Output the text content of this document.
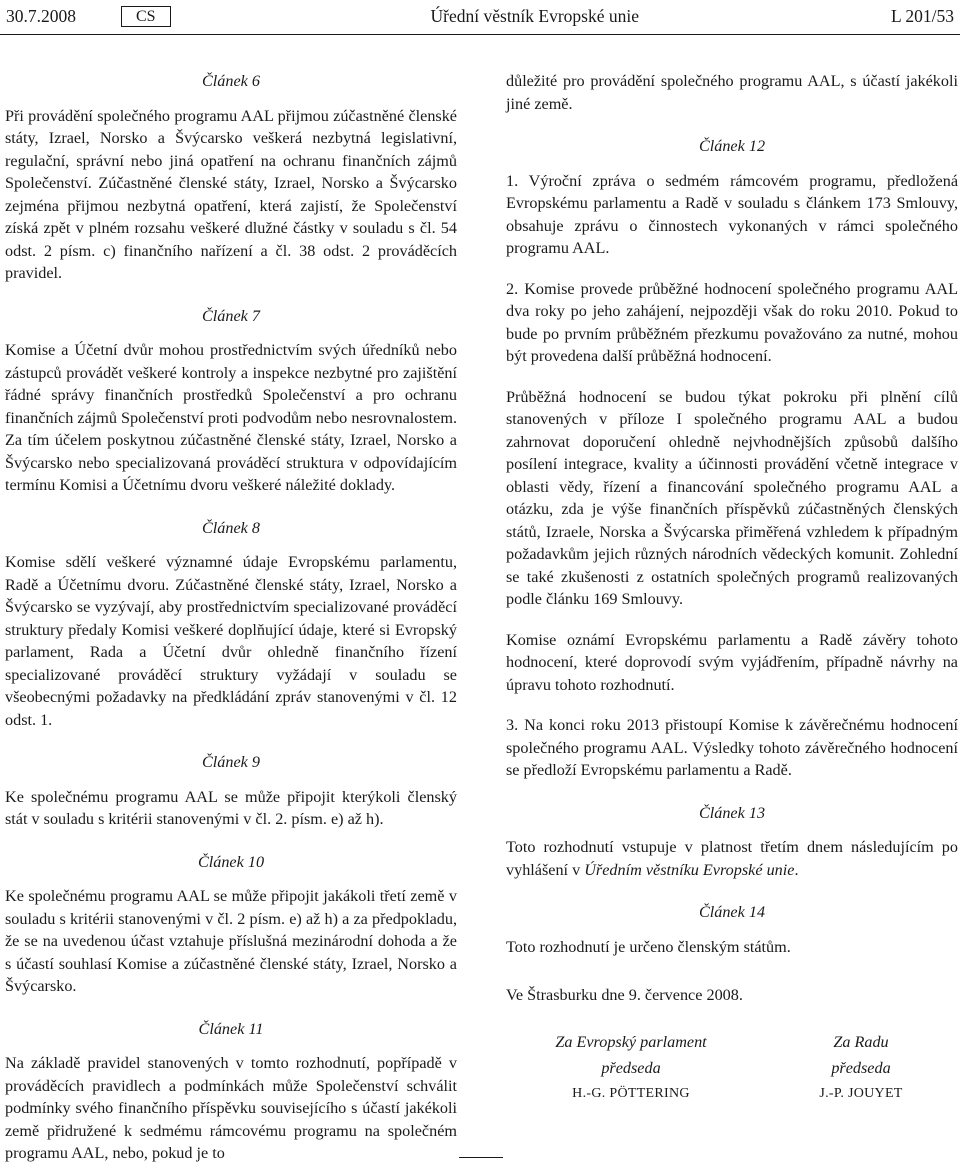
30.7.2008	CS	Úřední věstník Evropské unie	L 201/53
Článek 6

Při provádění společného programu AAL přijmou zúčastněné členské státy, Izrael, Norsko a Švýcarsko veškerá nezbytná legislativní, regulační, správní nebo jiná opatření na ochranu finančních zájmů Společenství. Zúčastněné členské státy, Izrael, Norsko a Švýcarsko zejména přijmou nezbytná opatření, která zajistí, že Společenství získá zpět v plném rozsahu veškeré dlužné částky v souladu s čl. 54 odst. 2 písm. c) finančního nařízení a čl. 38 odst. 2 prováděcích pravidel.

Článek 7

Komise a Účetní dvůr mohou prostřednictvím svých úředníků nebo zástupců provádět veškeré kontroly a inspekce nezbytné pro zajištění řádné správy finančních prostředků Společenství a pro ochranu finančních zájmů Společenství proti podvodům nebo nesrovnalostem. Za tím účelem poskytnou zúčastněné členské státy, Izrael, Norsko a Švýcarsko nebo specializovaná prováděcí struktura v odpovídajícím termínu Komisi a Účetnímu dvoru veškeré náležité doklady.

Článek 8

Komise sdělí veškeré významné údaje Evropskému parlamentu, Radě a Účetnímu dvoru. Zúčastněné členské státy, Izrael, Norsko a Švýcarsko se vyzývají, aby prostřednictvím specializované prováděcí struktury předaly Komisi veškeré doplňující údaje, které si Evropský parlament, Rada a Účetní dvůr ohledně finančního řízení specializované prováděcí struktury vyžádají v souladu se všeobecnými požadavky na předkládání zpráv stanovenými v čl. 12 odst. 1.

Článek 9

Ke společnému programu AAL se může připojit kterýkoli členský stát v souladu s kritérii stanovenými v čl. 2. písm. e) až h).

Článek 10

Ke společnému programu AAL se může připojit jakákoli třetí země v souladu s kritérii stanovenými v čl. 2 písm. e) až h) a za předpokladu, že se na uvedenou účast vztahuje příslušná mezinárodní dohoda a že s účastí souhlasí Komise a zúčastněné členské státy, Izrael, Norsko a Švýcarsko.

Článek 11

Na základě pravidel stanovených v tomto rozhodnutí, popřípadě v prováděcích pravidlech a podmínkách může Společenství schválit podmínky svého finančního příspěvku souvisejícího s účastí jakékoli země přidružené k sedmému rámcovému programu na společném programu AAL, nebo, pokud je to

důležité pro provádění společného programu AAL, s účastí jakékoli jiné země.

Článek 12

1. Výroční zpráva o sedmém rámcovém programu, předložená Evropskému parlamentu a Radě v souladu s článkem 173 Smlouvy, obsahuje zprávu o činnostech vykonaných v rámci společného programu AAL.

2. Komise provede průběžné hodnocení společného programu AAL dva roky po jeho zahájení, nejpozději však do roku 2010. Pokud to bude po prvním průběžném přezkumu považováno za nutné, mohou být provedena další průběžná hodnocení.

Průběžná hodnocení se budou týkat pokroku při plnění cílů stanovených v příloze I společného programu AAL a budou zahrnovat doporučení ohledně nejvhodnějších způsobů dalšího posílení integrace, kvality a účinnosti provádění včetně integrace v oblasti vědy, řízení a financování společného programu AAL a otázku, zda je výše finančních příspěvků zúčastněných členských států, Izraele, Norska a Švýcarska přiměřená vzhledem k případným požadavkům jejich různých národních vědeckých komunit. Zohlední se také zkušenosti z ostatních společných programů realizovaných podle článku 169 Smlouvy.

Komise oznámí Evropskému parlamentu a Radě závěry tohoto hodnocení, které doprovodí svým vyjádřením, případně návrhy na úpravu tohoto rozhodnutí.

3. Na konci roku 2013 přistoupí Komise k závěrečnému hodnocení společného programu AAL. Výsledky tohoto závěrečného hodnocení se předloží Evropskému parlamentu a Radě.

Článek 13

Toto rozhodnutí vstupuje v platnost třetím dnem následujícím po vyhlášení v Úředním věstníku Evropské unie.

Článek 14

Toto rozhodnutí je určeno členským státům.

Ve Štrasburku dne 9. července 2008.

Za Evropský parlament
předseda
H.-G. PÖTTERING
Za Radu
předseda
J.-P. JOUYET
